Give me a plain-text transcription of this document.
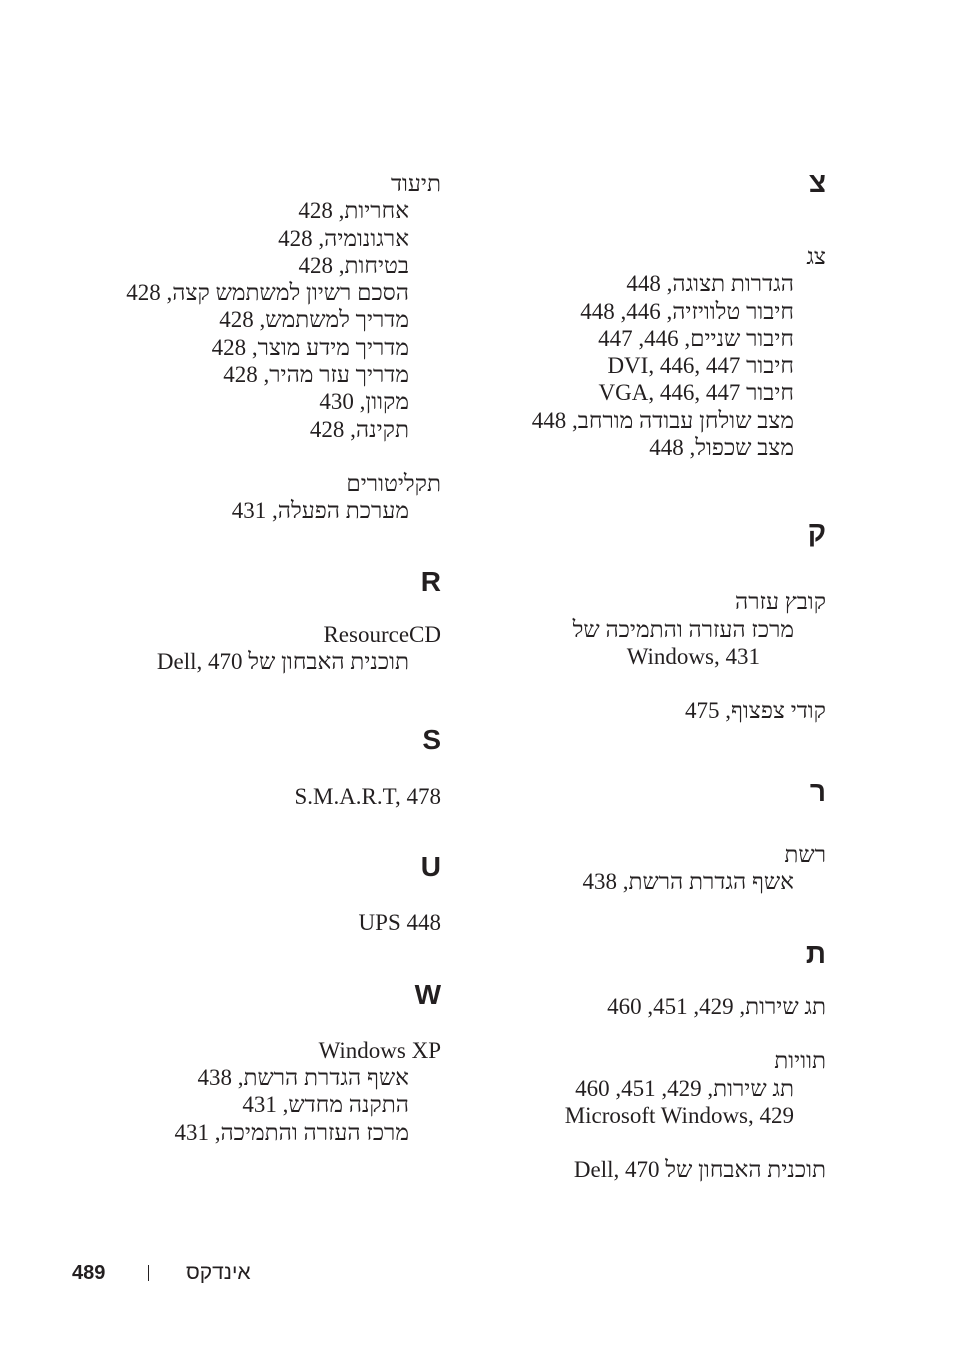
צ
צג
הגדרות תצוגה, 448
חיבור טלוויזיה, 446, 448
חיבור שניים, 446, 447
חיבור DVI, 446, 447
חיבור VGA, 446, 447
מצב שולחן עבודה מורחב, 448
מצב שכפול, 448
ק
קובץ עזרה
מרכז העזרה והתמיכה של
Windows, 431
קודי צפצוף, 475
ר
רשת
אשף הגדרת הרשת, 438
ת
תג שירות, 429, 451, 460
תוויות
תג שירות, 429, 451, 460
Microsoft Windows, 429
תוכנית האבחון של Dell, 470
תיעוד
אחריות, 428
ארגונומיה, 428
בטיחות, 428
הסכם רשיון למשתמש קצה, 428
מדריך למשתמש, 428
מדריך מידע מוצר, 428
מדריך עזר מהיר, 428
מקוון, 430
תקינה, 428
תקליטורים
מערכת הפעלה, 431
R
ResourceCD
תוכנית האבחון של Dell, 470
S
S.M.A.R.T, 478
U
UPS 448
W
Windows XP
אשף הגדרת הרשת, 438
התקנה מחדש, 431
מרכז העזרה והתמיכה, 431
489	אינדקס
